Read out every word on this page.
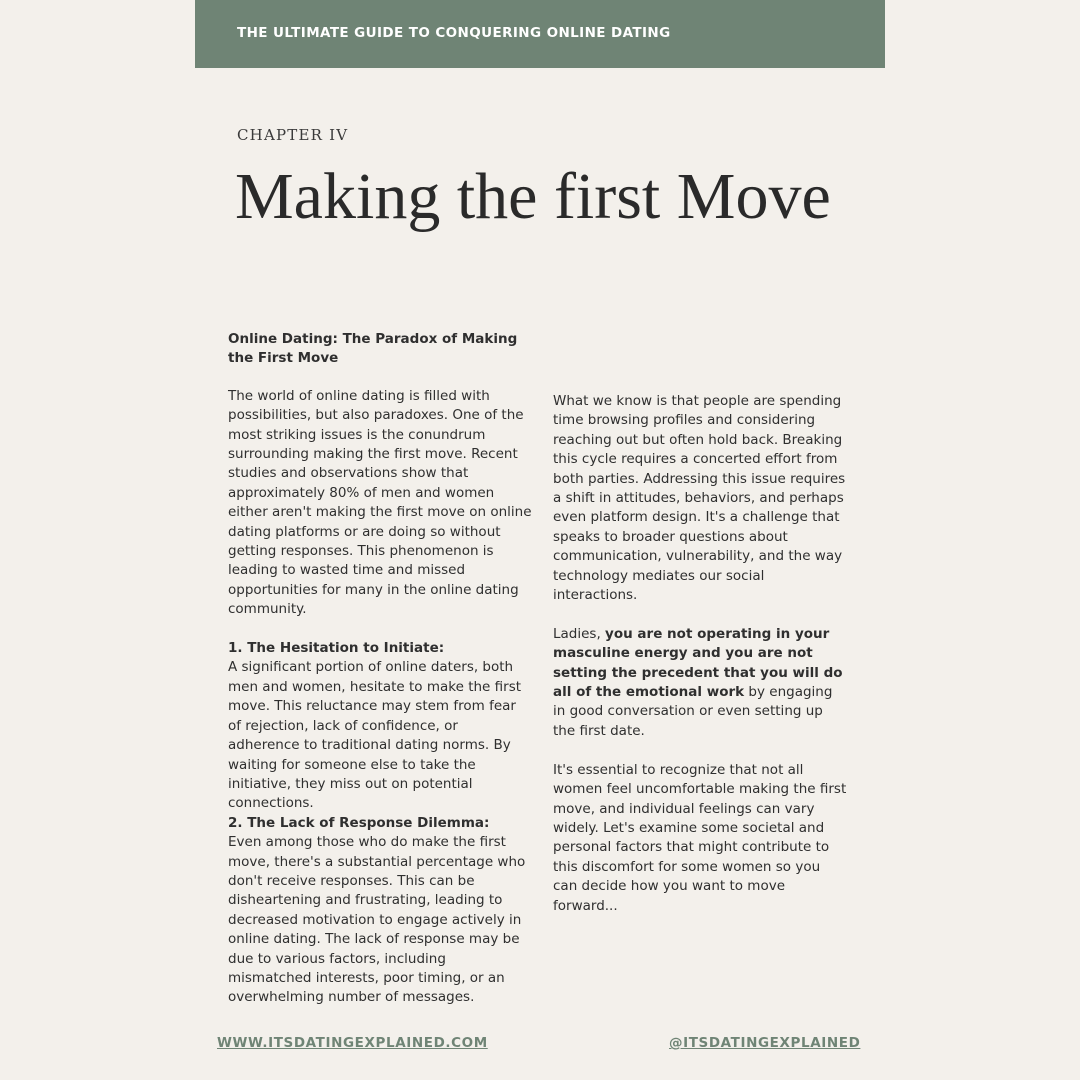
THE ULTIMATE GUIDE TO CONQUERING ONLINE DATING
CHAPTER IV
Making the first Move

Online Dating: The Paradox of Making the First Move

The world of online dating is filled with possibilities, but also paradoxes. One of the most striking issues is the conundrum surrounding making the first move. Recent studies and observations show that approximately 80% of men and women either aren't making the first move on online dating platforms or are doing so without getting responses. This phenomenon is leading to wasted time and missed opportunities for many in the online dating community.

1. The Hesitation to Initiate:

A significant portion of online daters, both men and women, hesitate to make the first move. This reluctance may stem from fear of rejection, lack of confidence, or adherence to traditional dating norms. By waiting for someone else to take the initiative, they miss out on potential connections.

2. The Lack of Response Dilemma:

Even among those who do make the first move, there's a substantial percentage who don't receive responses. This can be disheartening and frustrating, leading to decreased motivation to engage actively in online dating. The lack of response may be due to various factors, including mismatched interests, poor timing, or an overwhelming number of messages.

What we know is that people are spending time browsing profiles and considering reaching out but often hold back. Breaking this cycle requires a concerted effort from both parties. Addressing this issue requires a shift in attitudes, behaviors, and perhaps even platform design. It's a challenge that speaks to broader questions about communication, vulnerability, and the way technology mediates our social interactions.

Ladies, you are not operating in your masculine energy and you are not setting the precedent that you will do all of the emotional work by engaging in good conversation or even setting up the first date.

It's essential to recognize that not all women feel uncomfortable making the first move, and individual feelings can vary widely. Let's examine some societal and personal factors that might contribute to this discomfort for some women so you can decide how you want to move forward...

WWW.ITSDATINGEXPLAINED.COM	@ITSDATINGEXPLAINED
